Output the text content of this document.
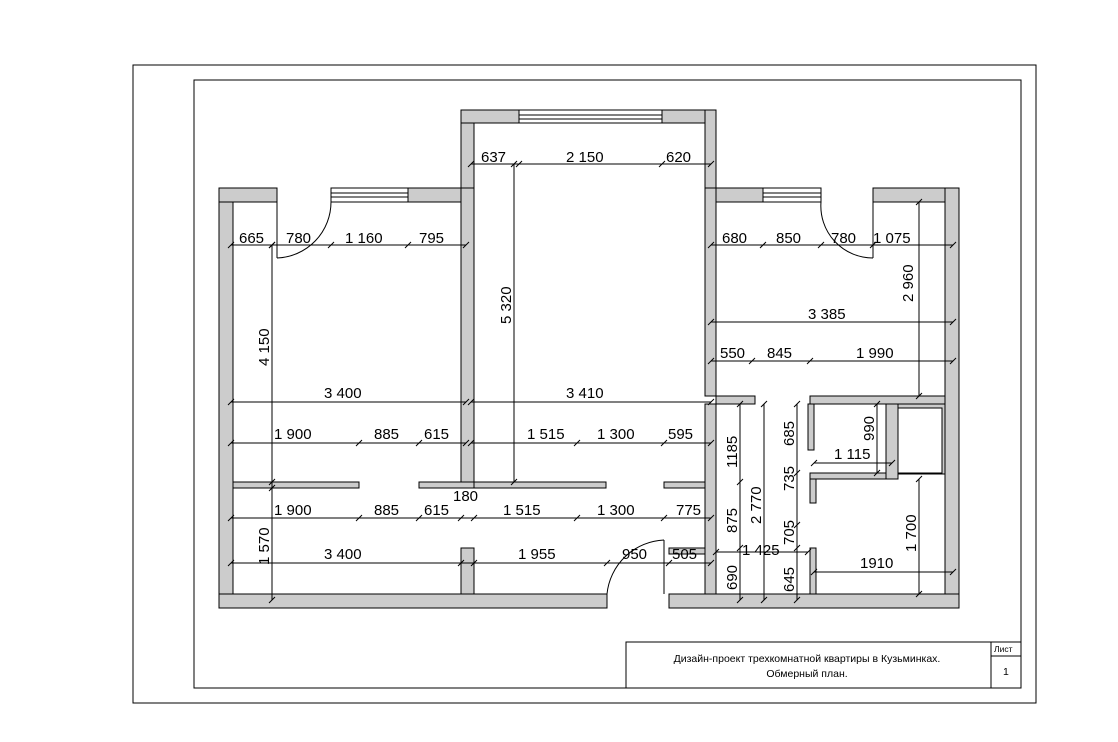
665 780 1 160 795
637	2 150	620
680 850 780 1 075
3 385
550 845	1 990
3 400	3 410
1 900	885 615	1 515 1 300 595
1 900	885 615
180
1 515	1 300	775
3 400	1 955	950 505	1 425
1 115
1910
4 150
5 320
2 960
1 570
1185
685
875 2 770
735
705
690	645
990
1 700
Дизайн-проект трехкомнатной квартиры в Кузьминках.
Обмерный план.
Лист
1
